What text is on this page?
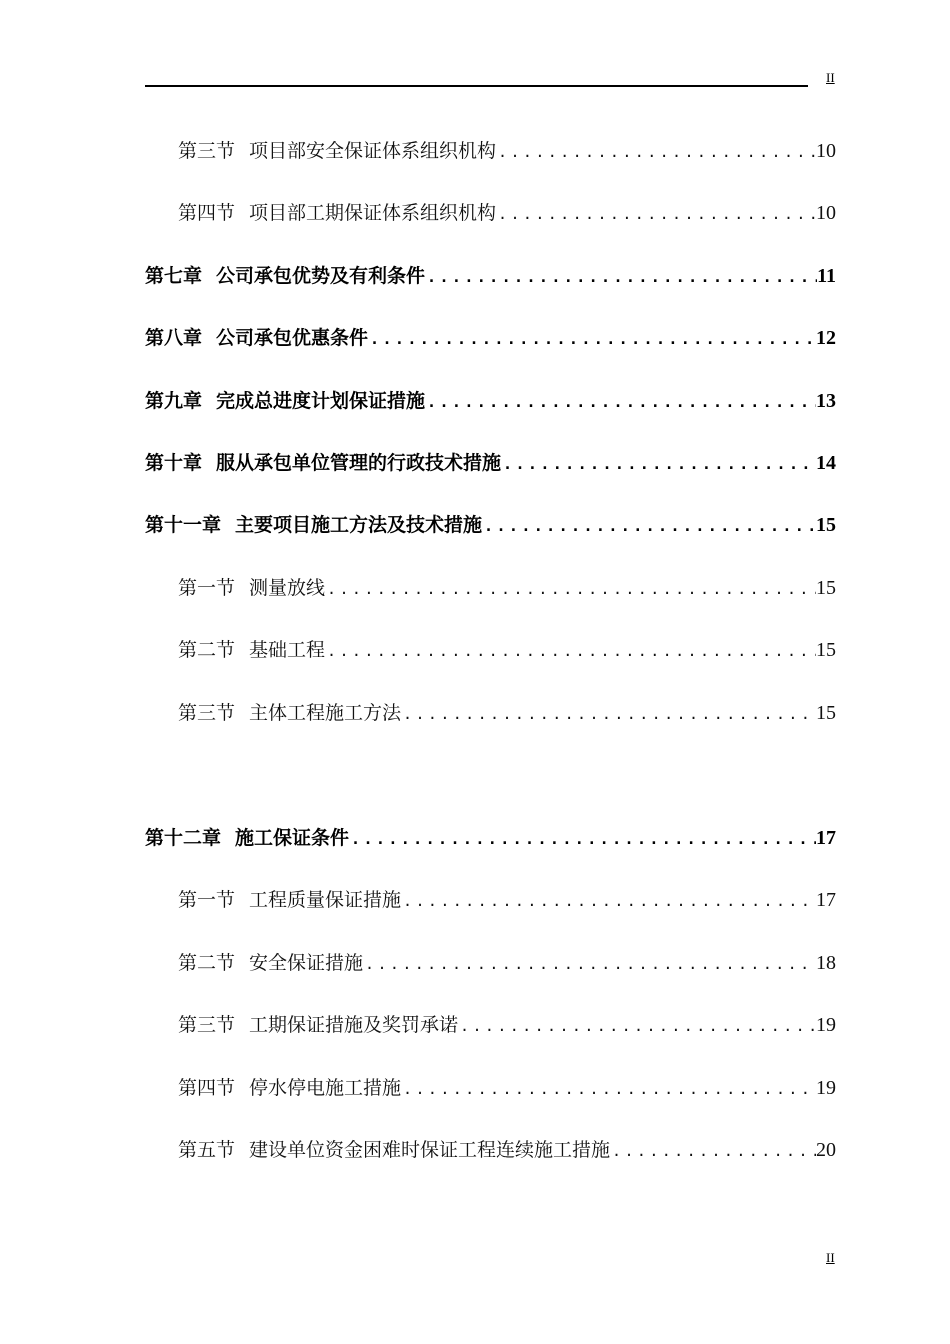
II
第三节 项目部安全保证体系组织机构 .....	10
第四节 项目部工期保证体系组织机构 .....	10
第七章 公司承包优势及有利条件 .....	11
第八章 公司承包优惠条件 .....	12
第九章 完成总进度计划保证措施 .....	13
第十章 服从承包单位管理的行政技术措施 .....	14
第十一章 主要项目施工方法及技术措施 .....	15
第一节 测量放线 .....	15
第二节 基础工程 .....	15
第三节 主体工程施工方法 .....	15
第十二章 施工保证条件 .....	17
第一节 工程质量保证措施 .....	17
第二节 安全保证措施 .....	18
第三节 工期保证措施及奖罚承诺 .....	19
第四节 停水停电施工措施 .....	19
第五节 建设单位资金困难时保证工程连续施工措施 .....	20
II
